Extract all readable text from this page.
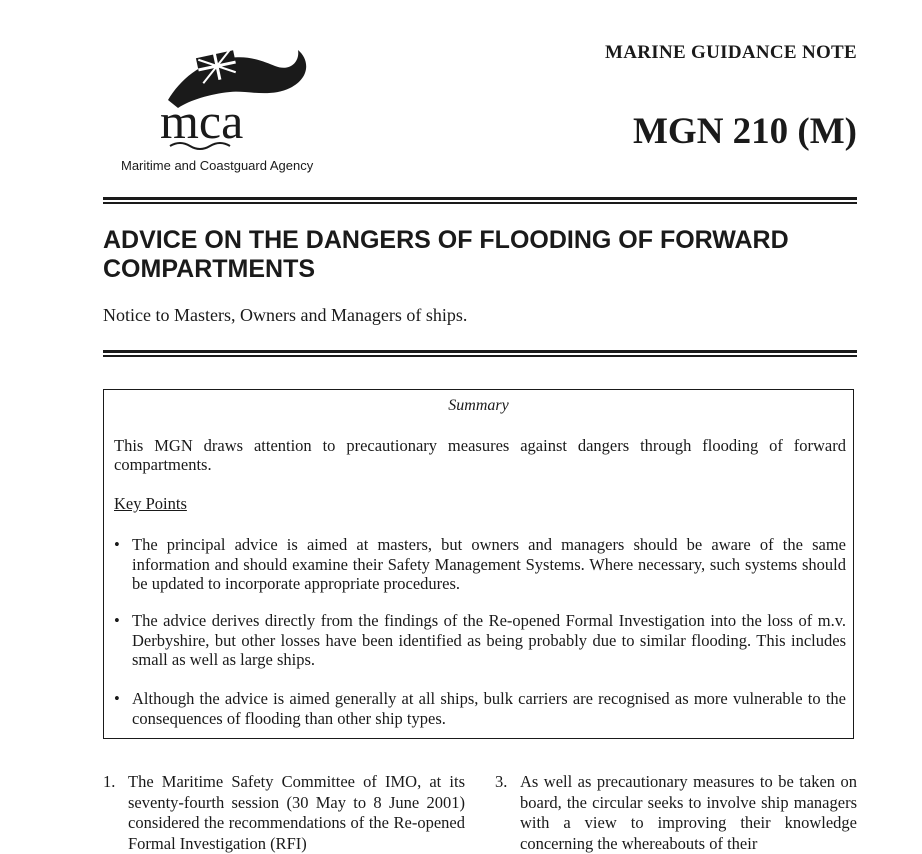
mca
Maritime and Coastguard Agency
MARINE GUIDANCE NOTE
MGN 210 (M)
ADVICE ON THE DANGERS OF FLOODING OF FORWARD COMPARTMENTS
Notice to Masters, Owners and Managers of ships.
Summary
This MGN draws attention to precautionary measures against dangers through flooding of forward compartments.
Key Points
• The principal advice is aimed at masters, but owners and managers should be aware of the same information and should examine their Safety Management Systems. Where necessary, such systems should be updated to incorporate appropriate procedures.
• The advice derives directly from the findings of the Re-opened Formal Investigation into the loss of m.v. Derbyshire, but other losses have been identified as being probably due to similar flooding. This includes small as well as large ships.
• Although the advice is aimed generally at all ships, bulk carriers are recognised as more vulnerable to the consequences of flooding than other ship types.
1. The Maritime Safety Committee of IMO, at its seventy-fourth session (30 May to 8 June 2001) considered the recommendations of the Re-opened Formal Investigation (RFI)
3. As well as precautionary measures to be taken on board, the circular seeks to involve ship managers with a view to improving their knowledge concerning the whereabouts of their
